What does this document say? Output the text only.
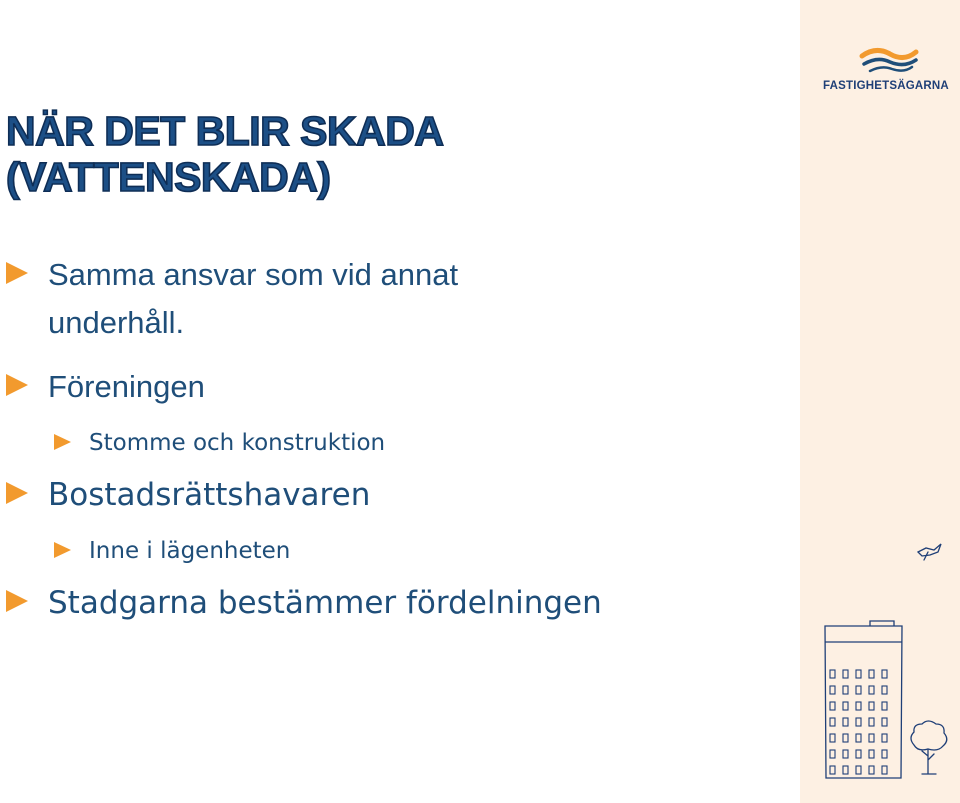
FASTIGHETSÄGARNA
NÄR DET BLIR SKADA
(VATTENSKADA)
Samma ansvar som vid annat
underhåll.
Föreningen
Stomme och konstruktion
Bostadsrättshavaren
Inne i lägenheten
Stadgarna bestämmer fördelningen
